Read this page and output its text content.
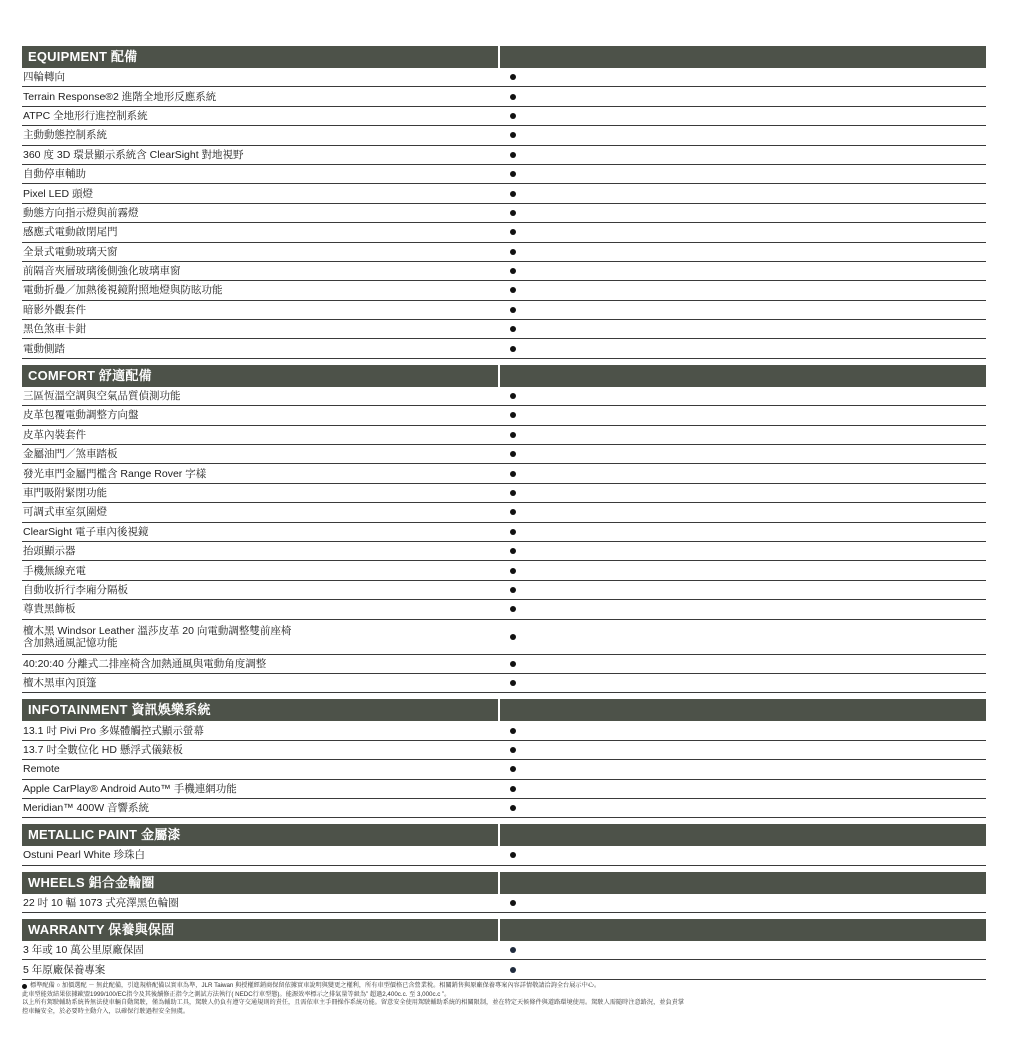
EQUIPMENT 配備
四輪轉向
Terrain Response®2 進階全地形反應系統
ATPC 全地形行進控制系統
主動動態控制系統
360 度 3D 環景顯示系統含 ClearSight 對地視野
自動停車輔助
Pixel LED 頭燈
動態方向指示燈與前霧燈
感應式電動啟閉尾門
全景式電動玻璃天窗
前隔音夾層玻璃後側強化玻璃車窗
電動折疊／加熱後視鏡附照地燈與防眩功能
暗影外觀套件
黑色煞車卡鉗
電動側踏
COMFORT 舒適配備
三區恆溫空調與空氣品質偵測功能
皮革包覆電動調整方向盤
皮革內裝套件
金屬油門／煞車踏板
發光車門金屬門檻含 Range Rover 字樣
車門吸附緊閉功能
可調式車室氛圍燈
ClearSight 電子車內後視鏡
抬頭顯示器
手機無線充電
自動收折行李廂分隔板
尊貴黑飾板
檀木黑 Windsor Leather 溫莎皮革 20 向電動調整雙前座椅
含加熱通風記憶功能
40:20:40 分離式二排座椅含加熱通風與電動角度調整
檀木黑車內頂篷
INFOTAINMENT 資訊娛樂系統
13.1 吋 Pivi Pro 多媒體觸控式顯示螢幕
13.7 吋全數位化 HD 懸浮式儀錶板
Remote
Apple CarPlay® Android Auto™ 手機連網功能
Meridian™ 400W 音響系統
METALLIC PAINT 金屬漆
Ostuni Pearl White 珍珠白
WHEELS 鋁合金輪圈
22 吋 10 輻 1073 式亮澤黑色輪圈
WARRANTY 保養與保固
3 年或 10 萬公里原廠保固
5 年原廠保養專案
標準配備 ○ 加價選配 － 無此配備，引進規格配備以實車為準，JLR Taiwan 與授權經銷商保留依據實車說明與變更之權利，所有車型價格已含營業稅。相關銷售與原廠保養專案內容詳情敬請洽詢全台展示中心。
此車型能效結果依據歐盟1999/100/EC指令及其後續修正指令之測試方法執行( NEDC行車型態)。能源效率標示之排氣量等級為” 超過2,400c.c. 至 3,000c.c ”。
以上所有駕駛輔助系統皆無法使車輛自動駕駛，僅為輔助工具，駕駛人仍負有遵守交通規則的責任，且需依車主手冊操作系統功能。留意安全使用駕駛輔助系統的相關限制，並在特定天候條件與道路環境使用。駕駛人需隨時注意路況，並負責掌
控車輛安全，於必要時主動介入，以確保行駛過程安全無虞。
